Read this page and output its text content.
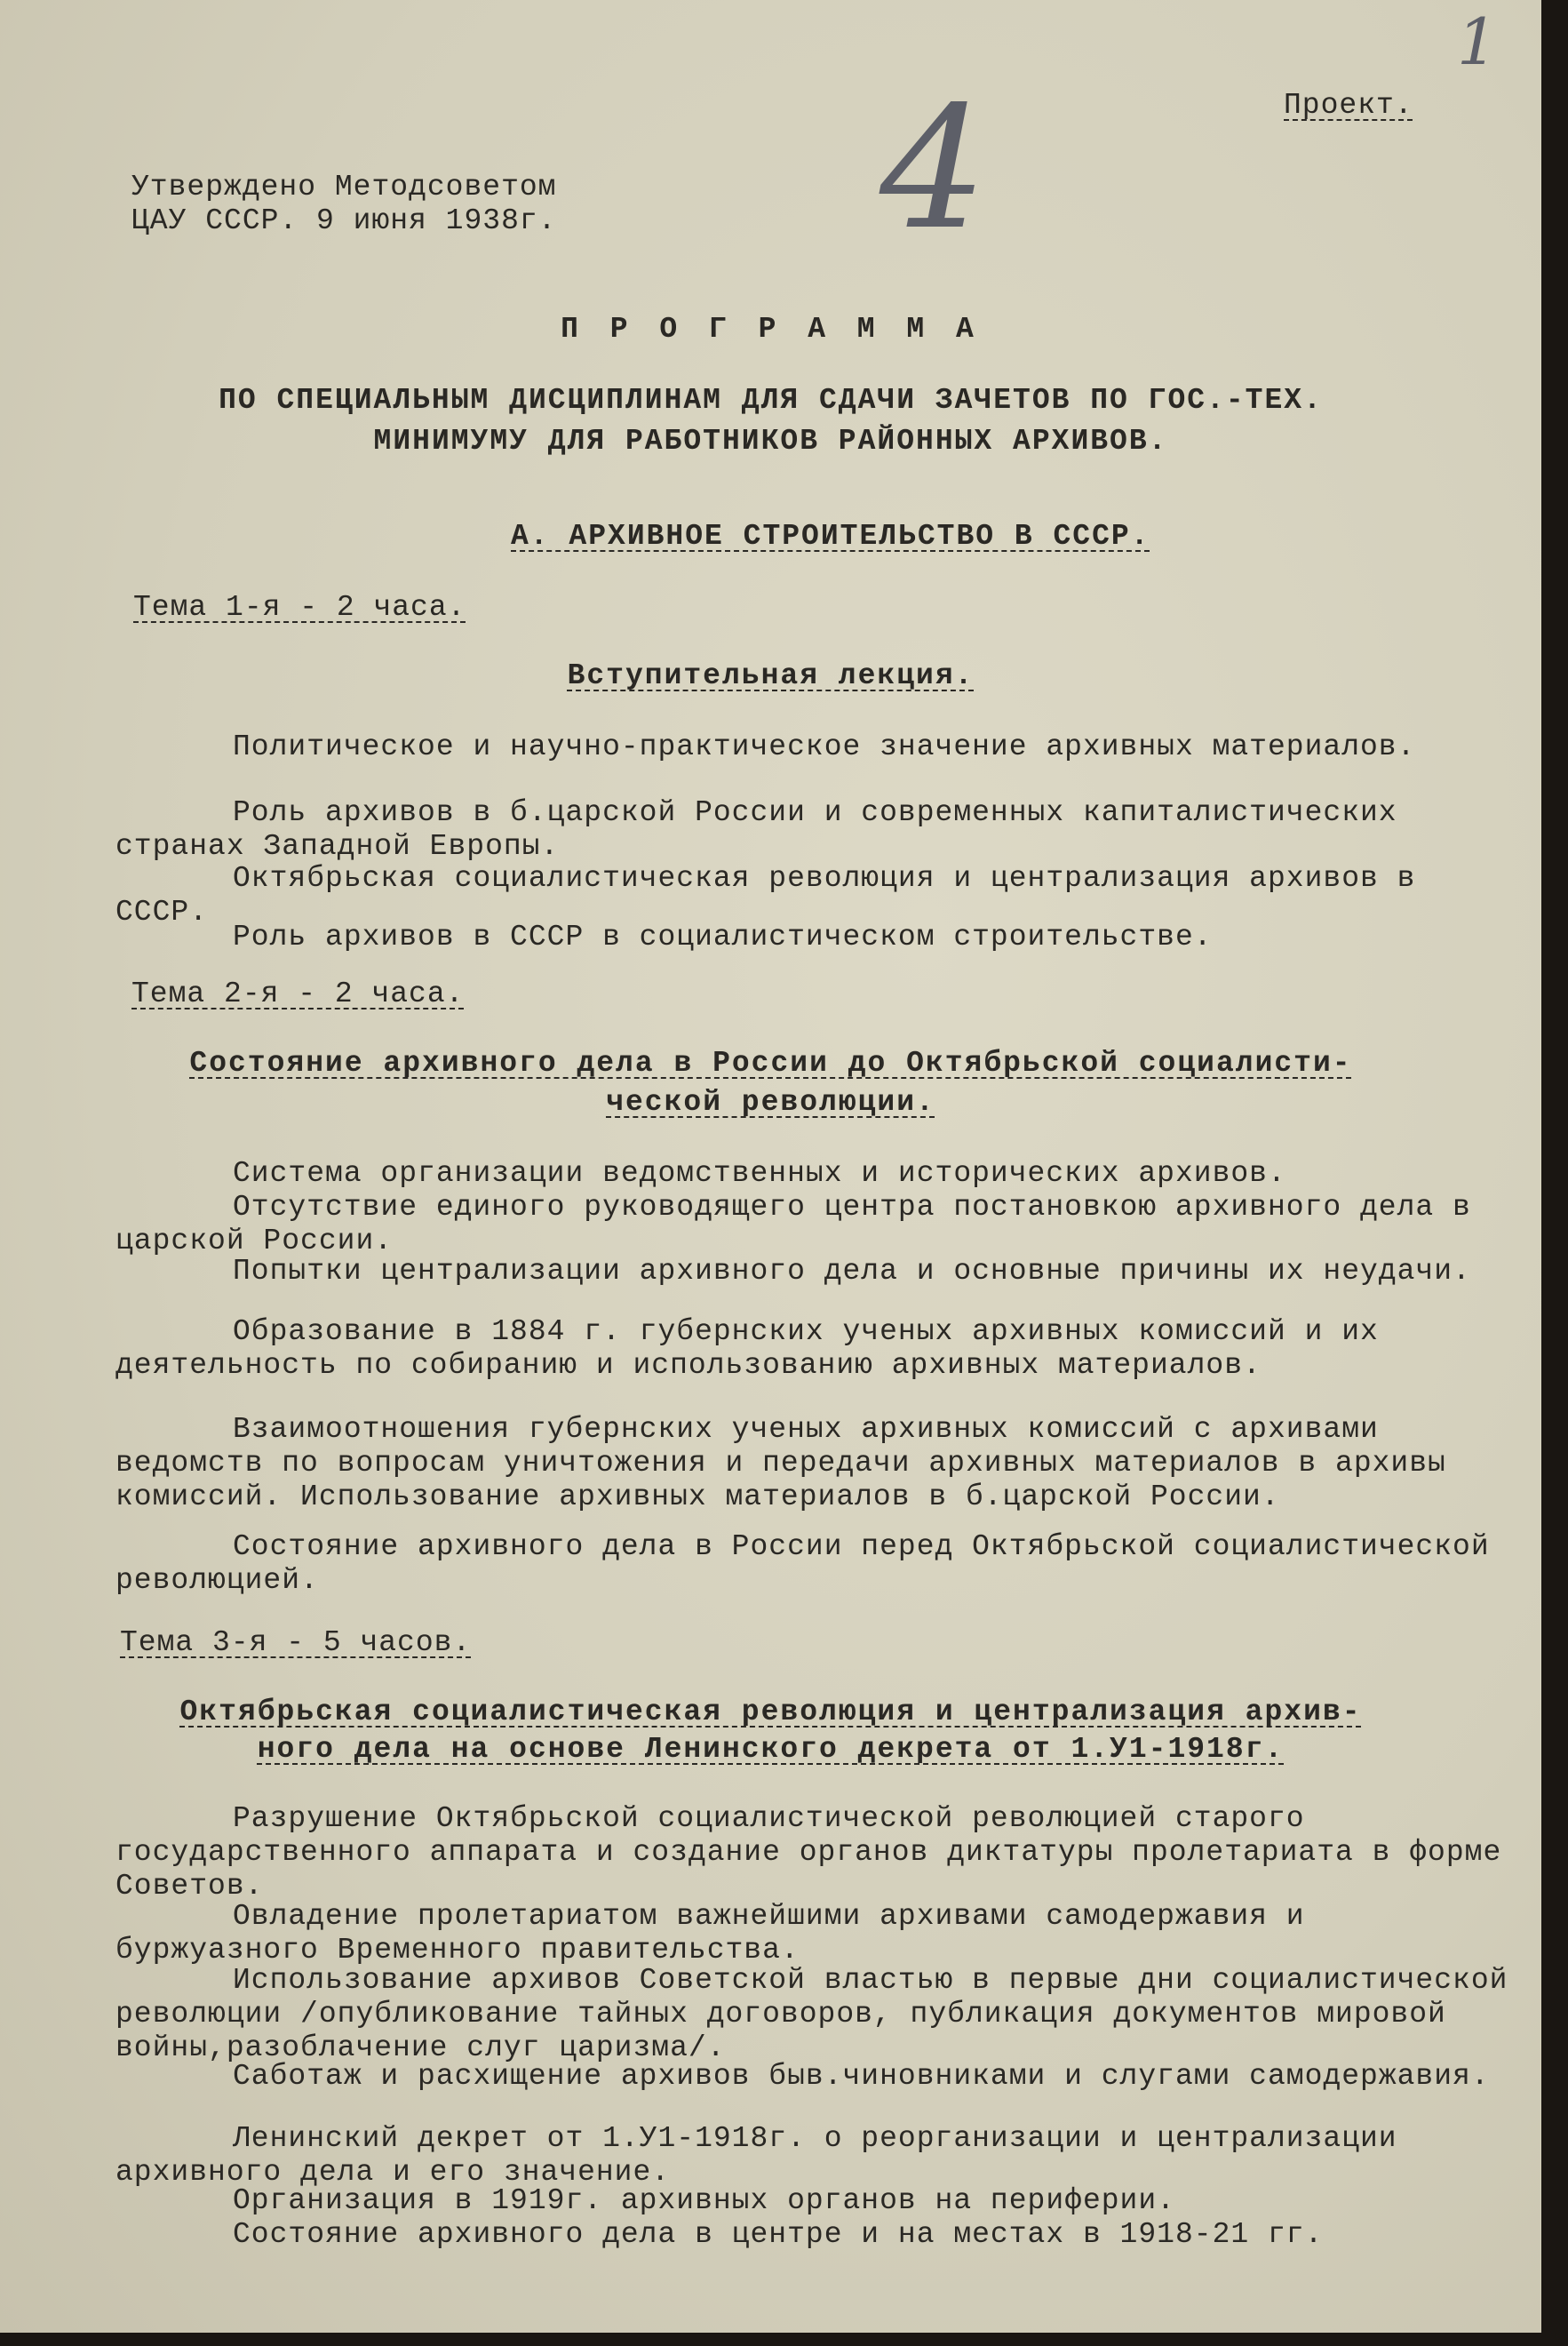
1
Проект.
4
Утверждено Методсоветом
ЦАУ СССР. 9 июня 1938г.
П Р О Г Р А М М А
ПО СПЕЦИАЛЬНЫМ ДИСЦИПЛИНАМ ДЛЯ СДАЧИ ЗАЧЕТОВ ПО ГОС.-ТЕХ.
МИНИМУМУ ДЛЯ РАБОТНИКОВ РАЙОННЫХ АРХИВОВ.
А. АРХИВНОЕ СТРОИТЕЛЬСТВО В СССР.
Тема 1-я - 2 часа.
Вступительная лекция.
Политическое и научно-практическое значение архивных материалов.
Роль архивов в б.царской России и современных капиталистических странах Западной Европы.
Октябрьская социалистическая революция и централизация архивов в СССР.
Роль архивов в СССР в социалистическом строительстве.
Тема 2-я - 2 часа.
Состояние архивного дела в России до Октябрьской социалисти-
ческой революции.
Система организации ведомственных и исторических архивов.
Отсутствие единого руководящего центра постановкою архивного дела в царской России.
Попытки централизации архивного дела и основные причины их неудачи.
Образование в 1884 г. губернских ученых архивных комиссий и их деятельность по собиранию и использованию архивных материалов.
Взаимоотношения губернских ученых архивных комиссий с архивами ведомств по вопросам уничтожения и передачи архивных материалов в архивы комиссий. Использование архивных материалов в б.царской России.
Состояние архивного дела в России перед Октябрьской социалистической революцией.
Тема 3-я - 5 часов.
Октябрьская социалистическая революция и централизация архив-
ного дела на основе Ленинского декрета от 1.У1-1918г.
Разрушение Октябрьской социалистической революцией старого государственного аппарата и создание органов диктатуры пролетариата в форме Советов.
Овладение пролетариатом важнейшими архивами самодержавия и буржуазного Временного правительства.
Использование архивов Советской властью в первые дни социалистической революции /опубликование тайных договоров, публикация документов мировой войны,разоблачение слуг царизма/.
Саботаж и расхищение архивов быв.чиновниками и слугами самодержавия.
Ленинский декрет от 1.У1-1918г. о реорганизации и централизации архивного дела и его значение.
Организация в 1919г. архивных органов на периферии.
Состояние архивного дела в центре и на местах в 1918-21 гг.
